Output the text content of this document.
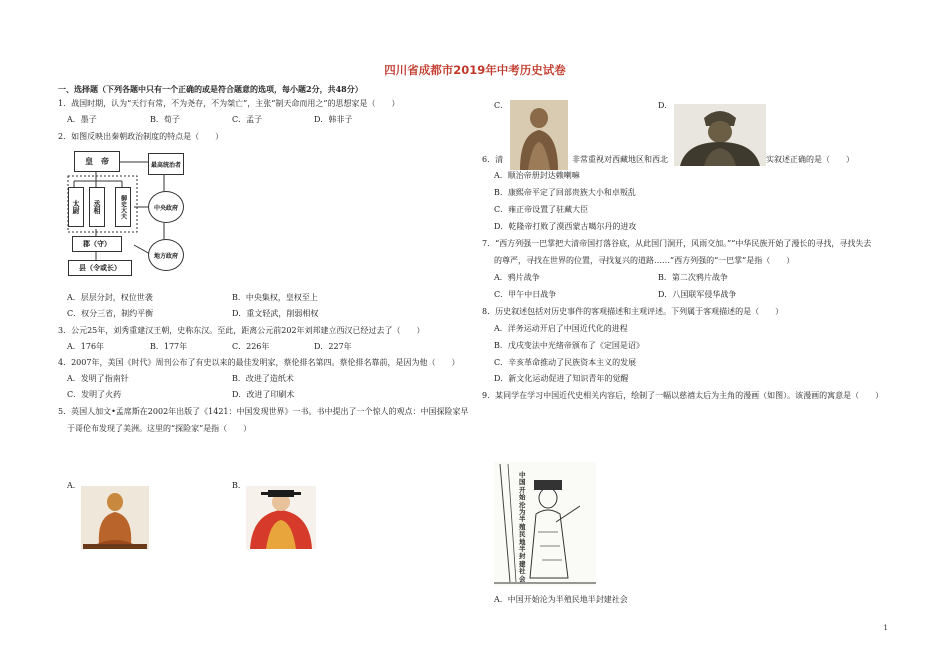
四川省成都市2019年中考历史试卷
一、选择题（下列各题中只有一个正确的或是符合题意的选项，每小题2分，共48分）
1．战国时期，认为“天行有常，不为尧存，不为桀亡”，主张“制天命而用之”的思想家是（　　）
A．墨子	B．荀子	C．孟子	D．韩非子
2．如图反映出秦朝政治制度的特点是（　　）
皇　帝
太尉	丞相	御史大夫
郡（守）
县（令或长）
最高统治者
中央政府
地方政府
A．层层分封，权位世袭	B．中央集权，皇权至上
C．权分三省，制约平衡	D．重文轻武，削弱相权
3．公元25年，刘秀重建汉王朝，史称东汉。至此，距离公元前202年刘邦建立西汉已经过去了（　　）
A．176年	B．177年	C．226年	D．227年
4．2007年，美国《时代》周刊公布了有史以来的最佳发明家，蔡伦排名第四。蔡伦排名靠前，是因为他（　　）
A．发明了指南针	B．改进了造纸术
C．发明了火药	D．改进了印刷术
5．英国人加文•孟席斯在2002年出版了《1421：中国发现世界》一书。书中提出了一个惊人的观点：中国探险家早
于哥伦布发现了美洲。这里的“探险家”是指（　　）
A．	B．
C．	D．
6．清	非常重视对西藏地区和西北	实叙述正确的是（　　）
A．顺治帝册封达赖喇嘛
B．康熙帝平定了回部贵族大小和卓叛乱
C．雍正帝设置了驻藏大臣
D．乾隆帝打败了漠西蒙古噶尔丹的进攻
7．“西方列强一巴掌把大清帝国打落谷底，从此国门洞开，风雨交加。”“中华民族开始了漫长的寻找，寻找失去
的尊严，寻找在世界的位置，寻找复兴的道路……”西方列强的“一巴掌”是指（　　）
A．鸦片战争	B．第二次鸦片战争
C．甲午中日战争	D．八国联军侵华战争
8．历史叙述包括对历史事件的客观描述和主观评述。下列属于客观描述的是（　　）
A．洋务运动开启了中国近代化的进程
B．戊戌变法中光绪帝颁布了《定国是诏》
C．辛亥革命推动了民族资本主义的发展
D．新文化运动促进了知识青年的觉醒
9．某同学在学习中国近代史相关内容后，绘制了一幅以慈禧太后为主角的漫画（如图）。该漫画的寓意是（　　）
中国开始沦为半殖民地半封建社会
A．中国开始沦为半殖民地半封建社会
1
